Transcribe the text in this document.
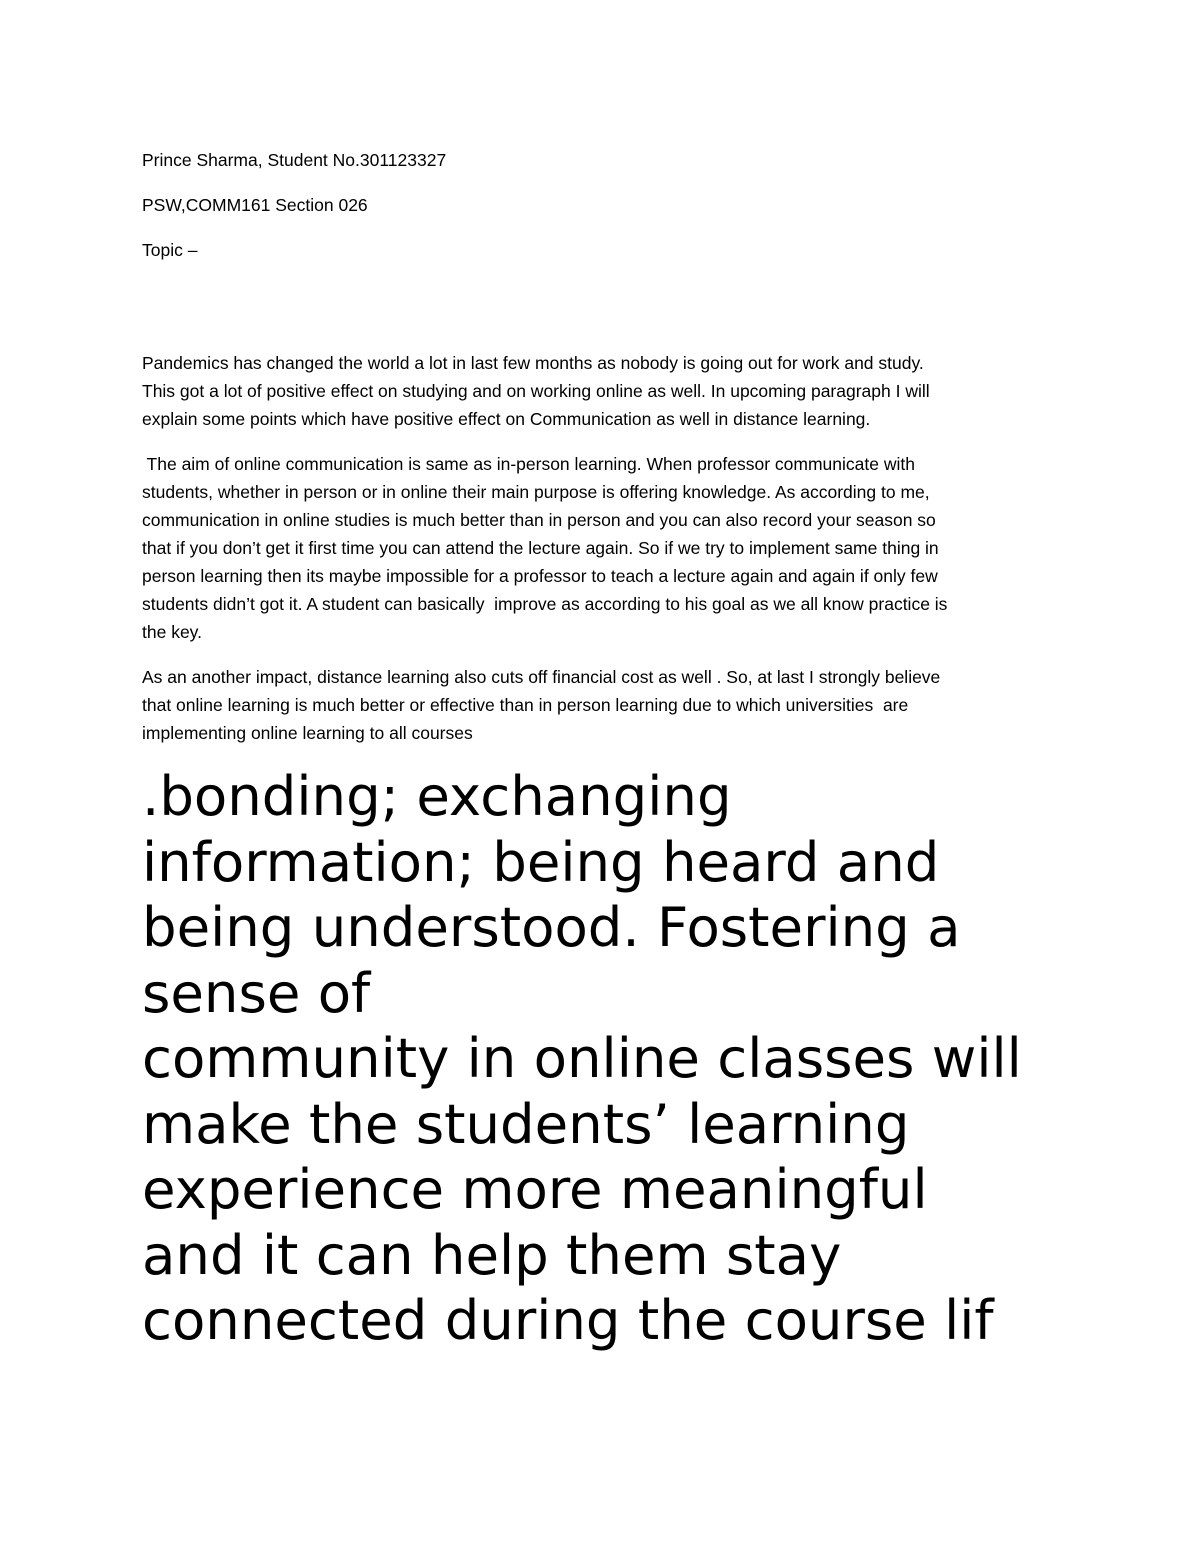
Prince Sharma, Student No.301123327
PSW,COMM161 Section 026
Topic –
Pandemics has changed the world a lot in last few months as nobody is going out for work and study.
This got a lot of positive effect on studying and on working online as well. In upcoming paragraph I will
explain some points which have positive effect on Communication as well in distance learning.
The aim of online communication is same as in-person learning. When professor communicate with
students, whether in person or in online their main purpose is offering knowledge. As according to me,
communication in online studies is much better than in person and you can also record your season so
that if you don’t get it first time you can attend the lecture again. So if we try to implement same thing in
person learning then its maybe impossible for a professor to teach a lecture again and again if only few
students didn’t got it. A student can basically  improve as according to his goal as we all know practice is
the key.
As an another impact, distance learning also cuts off financial cost as well . So, at last I strongly believe
that online learning is much better or effective than in person learning due to which universities  are
implementing online learning to all courses
.bonding; exchanging
information; being heard and
being understood. Fostering a
sense of
community in online classes will
make the students’ learning
experience more meaningful
and it can help them stay
connected during the course lif
